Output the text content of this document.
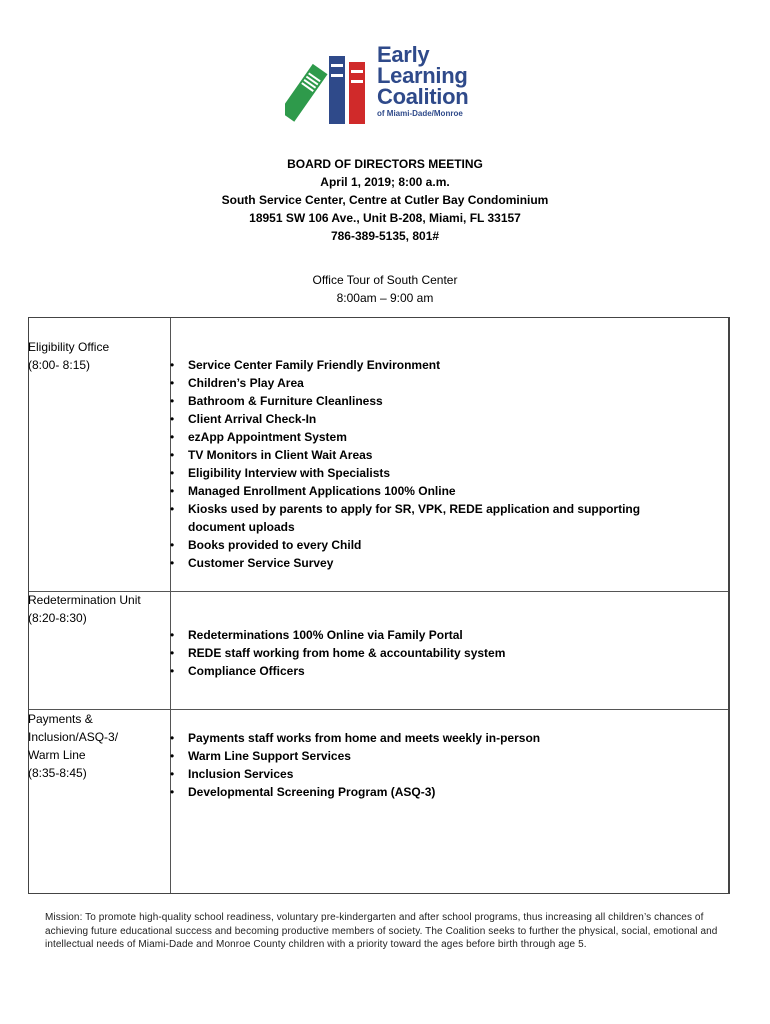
Early
Learning
Coalition
of Miami-Dade/Monroe
BOARD OF DIRECTORS MEETING
April 1, 2019; 8:00 a.m.
South Service Center, Centre at Cutler Bay Condominium
18951 SW 106 Ave., Unit B-208, Miami, FL 33157
786-389-5135, 801#
Office Tour of South Center
8:00am – 9:00 am
Eligibility Office
(8:00- 8:15)	• Service Center Family Friendly Environment
• Children’s Play Area
• Bathroom & Furniture Cleanliness
• Client Arrival Check-In
• ezApp Appointment System
• TV Monitors in Client Wait Areas
• Eligibility Interview with Specialists
• Managed Enrollment Applications 100% Online
• Kiosks used by parents to apply for SR, VPK, REDE application and supporting document uploads
• Books provided to every Child
• Customer Service Survey
Redetermination Unit
(8:20-8:30)
• Redeterminations 100% Online via Family Portal
• REDE staff working from home & accountability system
• Compliance Officers
Payments &
Inclusion/ASQ-3/
Warm Line
(8:35-8:45)
• Payments staff works from home and meets weekly in-person
• Warm Line Support Services
• Inclusion Services
• Developmental Screening Program (ASQ-3)
Mission: To promote high-quality school readiness, voluntary pre-kindergarten and after school programs, thus increasing all children’s chances of achieving future educational success and becoming productive members of society. The Coalition seeks to further the physical, social, emotional and intellectual needs of Miami-Dade and Monroe County children with a priority toward the ages before birth through age 5.
